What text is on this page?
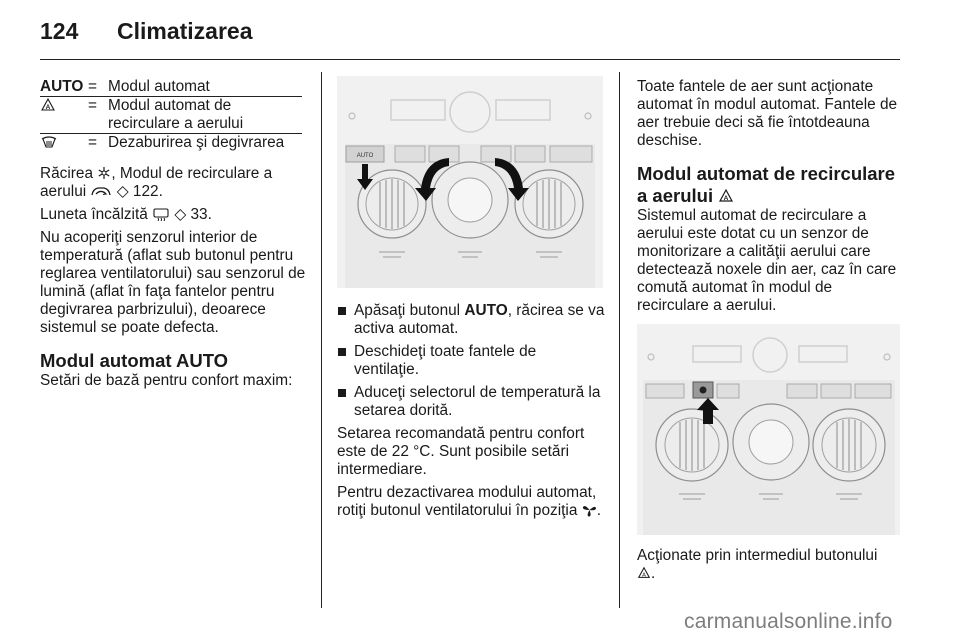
124 Climatizarea
AUTO	=	Modul automat

A	=	Modul automat de recirculare a aerului
	=	Dezaburirea şi degivrarea

Răcirea , Modul de recirculare a aerului ◇ 122.

Luneta încălzită ◇ 33.

Nu acoperiţi senzorul interior de temperatură (aflat sub butonul pentru reglarea ventilatorului) sau senzorul de lumină (aflat în faţa fantelor pentru degivrarea parbrizului), deoarece sistemul se poate defecta.

Modul automat AUTO

Setări de bază pentru confort maxim:

AUTO
Apăsaţi butonul AUTO, răcirea se va activa automat.
Deschideţi toate fantele de ventilaţie.
Aduceţi selectorul de temperatură la setarea dorită.

Setarea recomandată pentru confort este de 22 °C. Sunt posibile setări intermediare.

Pentru dezactivarea modului automat, rotiţi butonul ventilatorului în poziţia .

Toate fantele de aer sunt acţionate automat în modul automat. Fantele de aer trebuie deci să fie întotdeauna deschise.

Modul automat de recirculare a aerului A

Sistemul automat de recirculare a aerului este dotat cu un senzor de monitorizare a calităţii aerului care detectează noxele din aer, caz în care comută automat în modul de recirculare a aerului.

Acţionate prin intermediul butonului

A .

carmanualsonline.info
